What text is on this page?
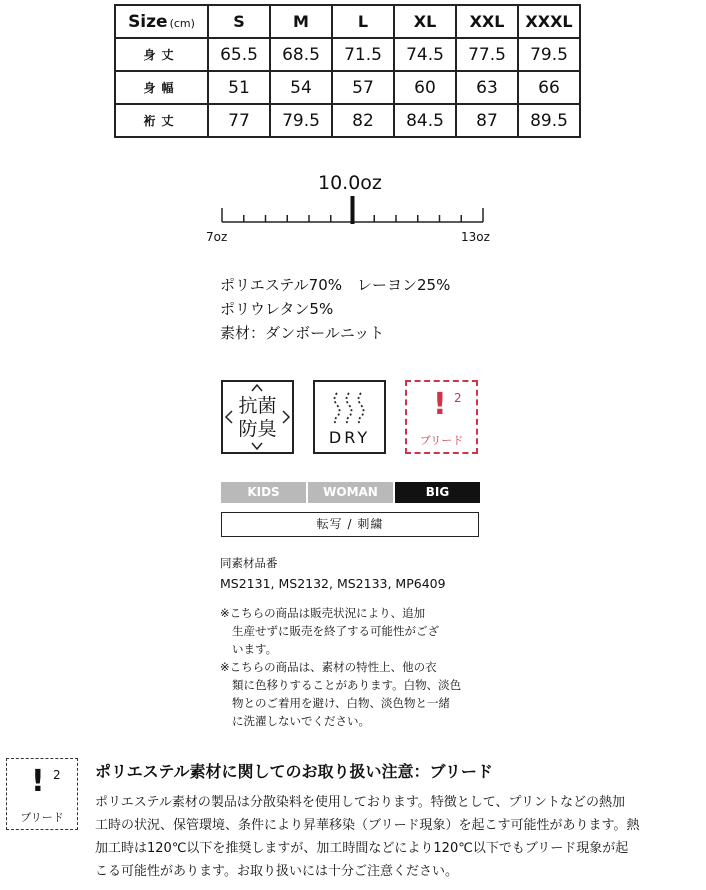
Size (cm)	S	M	L	XL	XXL	XXXL
身丈	65.5	68.5	71.5	74.5	77.5	79.5
身幅	51	54	57	60	63	66
裄丈	77	79.5	82	84.5	87	89.5
10.0oz
7oz	13oz
ポリエステル70%　レーヨン25%
ポリウレタン5%
素材：ダンボールニット
抗菌
防臭	DRY
! 2
ブリード
KIDS	WOMAN	BIG
転写 / 刺繍
同素材品番
MS2131, MS2132, MS2133, MP6409
※こちらの商品は販売状況により、追加
生産せずに販売を終了する可能性がござ
います。
※こちらの商品は、素材の特性上、他の衣
類に色移りすることがあります。白物、淡色
物とのご着用を避け、白物、淡色物と一緒
に洗濯しないでください。
! 2
ブリード
ポリエステル素材に関してのお取り扱い注意：ブリード
ポリエステル素材の製品は分散染料を使用しております。特徴として、プリントなどの熱加
工時の状況、保管環境、条件により昇華移染（ブリード現象）を起こす可能性があります。熱
加工時は120℃以下を推奨しますが、加工時間などにより120℃以下でもブリード現象が起
こる可能性があります。お取り扱いには十分ご注意ください。
